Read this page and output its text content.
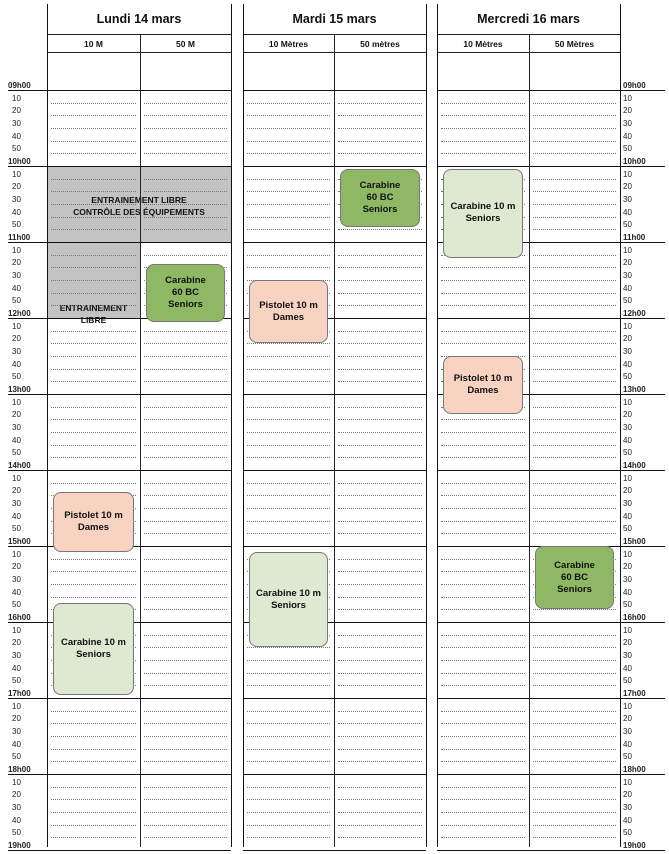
ENTRAINEMENT LIBRE
CONTRÔLE DES ÉQUIPEMENTS
ENTRAINEMENT
LIBRE
Lundi 14 mars
10 M	50 M
Mardi 15 mars
10 Mètres	50 mètres
Mercredi 16 mars
10 Mètres	50 Mètres
09h00	09h00
10	10
20	20
30	30
40	40
50	50
10h00	10h00
10	10
20	20
30	30
40	40
50	50
11h00	11h00
10	10
20	20
30	30
40	40
50	50
12h00	12h00
10	10
20	20
30	30
40	40
50	50
13h00	13h00
10	10
20	20
30	30
40	40
50	50
14h00	14h00
10	10
20	20
30	30
40	40
50	50
15h00	15h00
10	10
20	20
30	30
40	40
50	50
16h00	16h00
10	10
20	20
30	30
40	40
50	50
17h00	17h00
10	10
20	20
30	30
40	40
50	50
18h00	18h00
10	10
20	20
30	30
40	40
50	50
19h00	19h00
Carabine
60 BC
Seniors
Pistolet 10 m
Dames
Carabine 10 m
Seniors
Carabine
60 BC
Seniors
Pistolet 10 m
Dames
Carabine 10 m
Seniors
Carabine 10 m
Seniors
Pistolet 10 m
Dames
Carabine
60 BC
Seniors
